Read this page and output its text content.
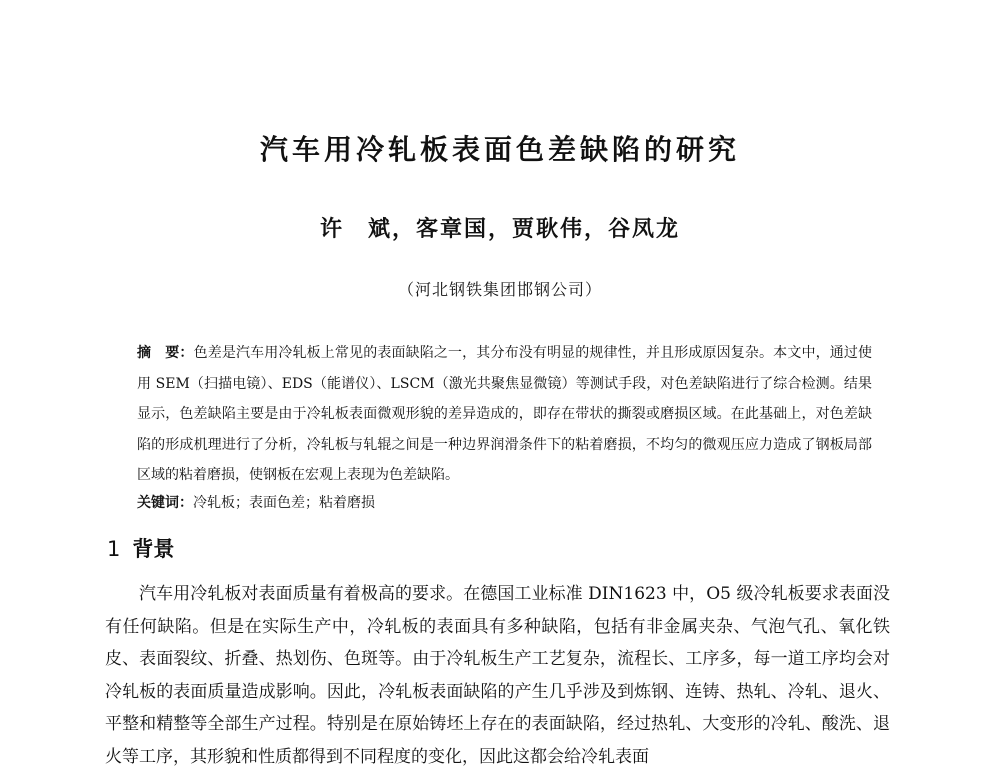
汽车用冷轧板表面色差缺陷的研究
许　斌，客章国，贾耿伟，谷凤龙
（河北钢铁集团邯钢公司）
摘　要：色差是汽车用冷轧板上常见的表面缺陷之一，其分布没有明显的规律性，并且形成原因复杂。本文中，通过使用 SEM（扫描电镜）、EDS（能谱仪）、LSCM（激光共聚焦显微镜）等测试手段，对色差缺陷进行了综合检测。结果显示，色差缺陷主要是由于冷轧板表面微观形貌的差异造成的，即存在带状的撕裂或磨损区域。在此基础上，对色差缺陷的形成机理进行了分析，冷轧板与轧辊之间是一种边界润滑条件下的粘着磨损，不均匀的微观压应力造成了钢板局部区域的粘着磨损，使钢板在宏观上表现为色差缺陷。
关键词：冷轧板；表面色差；粘着磨损
1 背景

汽车用冷轧板对表面质量有着极高的要求。在德国工业标准 DIN1623 中，O5 级冷轧板要求表面没有任何缺陷。但是在实际生产中，冷轧板的表面具有多种缺陷，包括有非金属夹杂、气泡气孔、氧化铁皮、表面裂纹、折叠、热划伤、色斑等。由于冷轧板生产工艺复杂，流程长、工序多，每一道工序均会对冷轧板的表面质量造成影响。因此，冷轧板表面缺陷的产生几乎涉及到炼钢、连铸、热轧、冷轧、退火、平整和精整等全部生产过程。特别是在原始铸坯上存在的表面缺陷，经过热轧、大变形的冷轧、酸洗、退火等工序，其形貌和性质都得到不同程度的变化，因此这都会给冷轧表面
